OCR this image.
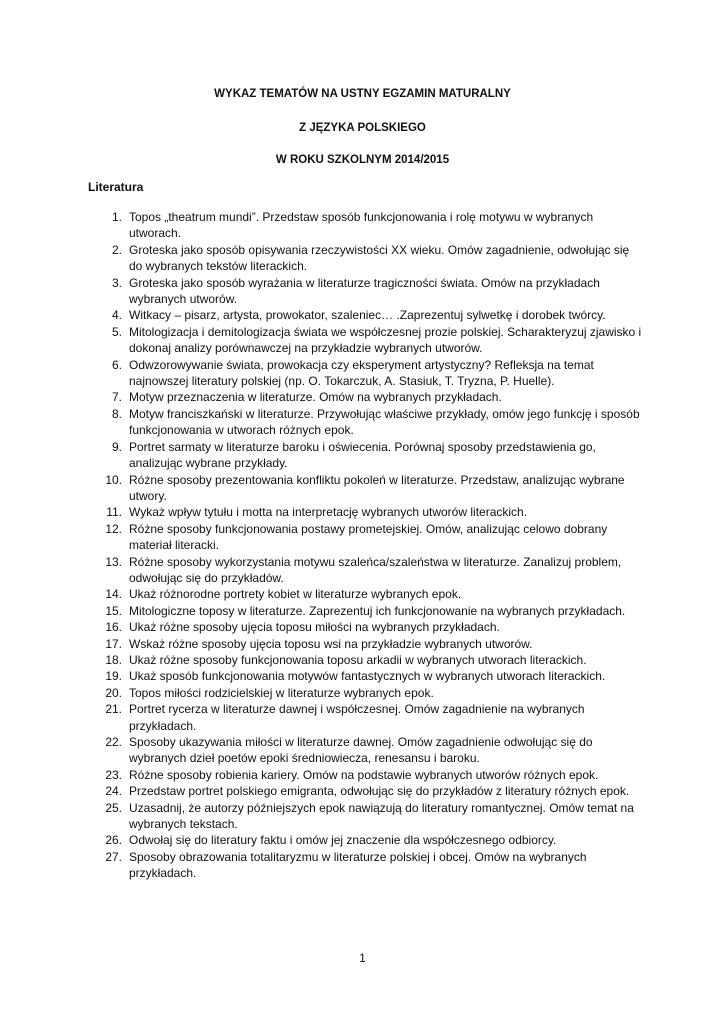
WYKAZ TEMATÓW NA USTNY EGZAMIN MATURALNY
Z JĘZYKA POLSKIEGO
W ROKU SZKOLNYM 2014/2015
Literatura
1. Topos „theatrum mundi”. Przedstaw sposób funkcjonowania i rolę motywu w wybranych utworach.
2. Groteska jako sposób opisywania rzeczywistości XX wieku. Omów zagadnienie, odwołując się do wybranych tekstów literackich.
3. Groteska jako sposób wyrażania w literaturze tragiczności świata. Omów na przykładach wybranych utworów.
4. Witkacy – pisarz, artysta, prowokator, szaleniec… .Zaprezentuj sylwetkę i dorobek twórcy.
5. Mitologizacja i demitologizacja świata we współczesnej prozie polskiej. Scharakteryzuj zjawisko i dokonaj analizy porównawczej na przykładzie wybranych utworów.
6. Odwzorowywanie świata, prowokacja czy eksperyment artystyczny? Refleksja na temat najnowszej literatury polskiej (np. O. Tokarczuk, A. Stasiuk, T. Tryzna, P. Huelle).
7. Motyw przeznaczenia w literaturze. Omów na wybranych przykładach.
8. Motyw franciszkański w literaturze. Przywołując właściwe przykłady, omów jego funkcję i sposób funkcjonowania w utworach różnych epok.
9. Portret sarmaty w literaturze baroku i oświecenia. Porównaj sposoby przedstawienia go, analizując wybrane przykłady.
10. Różne sposoby prezentowania konfliktu pokoleń w literaturze. Przedstaw, analizując wybrane utwory.
11. Wykaż wpływ tytułu i motta na interpretację wybranych utworów literackich.
12. Różne sposoby funkcjonowania postawy prometejskiej. Omów, analizując celowo dobrany materiał literacki.
13. Różne sposoby wykorzystania motywu szaleńca/szaleństwa w literaturze. Zanalizuj problem, odwołując się do przykładów.
14. Ukaż różnorodne portrety kobiet w literaturze wybranych epok.
15. Mitologiczne toposy w literaturze. Zaprezentuj ich funkcjonowanie na wybranych przykładach.
16. Ukaż różne sposoby ujęcia toposu miłości na wybranych przykładach.
17. Wskaż różne sposoby ujęcia toposu wsi na przykładzie wybranych utworów.
18. Ukaż różne sposoby funkcjonowania toposu arkadii w wybranych utworach literackich.
19. Ukaż sposób funkcjonowania motywów fantastycznych w wybranych utworach literackich.
20. Topos miłości rodzicielskiej w literaturze wybranych epok.
21. Portret rycerza w literaturze dawnej i współczesnej. Omów zagadnienie na wybranych przykładach.
22. Sposoby ukazywania miłości w literaturze dawnej. Omów zagadnienie odwołując się do wybranych dzieł poetów epoki średniowiecza, renesansu i baroku.
23. Różne sposoby robienia kariery. Omów na podstawie wybranych utworów różnych epok.
24. Przedstaw portret polskiego emigranta, odwołując się do przykładów z literatury różnych epok.
25. Uzasadnij, że autorzy późniejszych epok nawiązują do literatury romantycznej. Omów temat na wybranych tekstach.
26. Odwołaj się do literatury faktu i omów jej znaczenie dla współczesnego odbiorcy.
27. Sposoby obrazowania totalitaryzmu w literaturze polskiej i obcej. Omów na wybranych przykładach.
1
